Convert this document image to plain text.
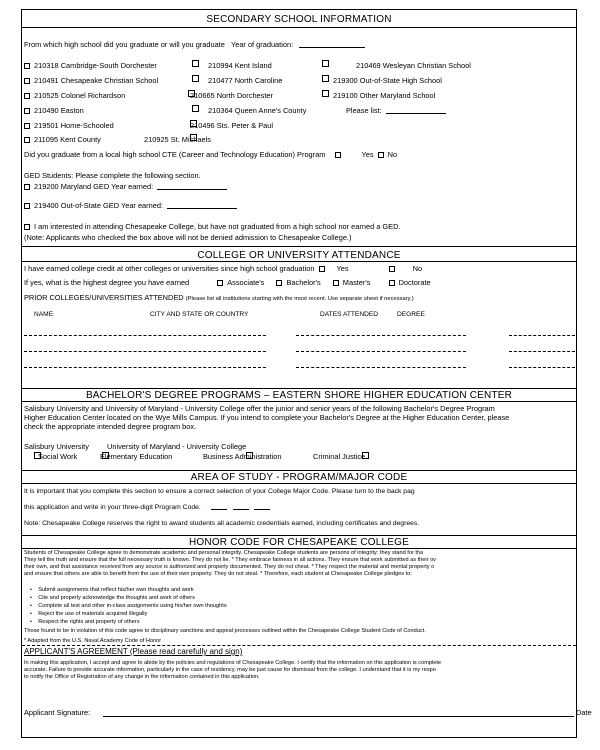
SECONDARY SCHOOL INFORMATION
From which high school did you graduate or will you graduate Year of graduation:
210318 Cambridge-South Dorchester	210994 Kent Island	210469 Wesleyan Christian School
210491 Chesapeake Christian School	210477 North Caroline	219300 Out-of-State High School
210525 Colonel Richardson	210665 North Dorchester	219100 Other Maryland School
210490 Easton	210364 Queen Anne's County	Please list:
219501 Home-Schooled	210496 Sts. Peter & Paul
211095 Kent County	210925 St. Michaels
Did you graduate from a local high school CTE (Career and Technology Education) Program	Yes No
GED Students: Please complete the following section.
219200 Maryland GED Year earned:
219400 Out-of-State GED Year earned:
I am interested in attending Chesapeake College, but have not graduated from a high school nor earned a GED.
(Note: Applicants who checked the box above will not be denied admission to Chesapeake College.)
COLLEGE OR UNIVERSITY ATTENDANCE
I have earned college credit at other colleges or universities since high school graduation	Yes	No
If yes, what is the highest degree you have earned	Associate's	Bachelor's	Master's	Doctorate
PRIOR COLLEGES/UNIVERSITIES ATTENDED (Please list all institutions starting with the most recent. Use separate sheet if necessary.)
NAME	CITY AND STATE OR COUNTRY	DATES ATTENDED	DEGREE
BACHELOR'S DEGREE PROGRAMS – EASTERN SHORE HIGHER EDUCATION CENTER
Salisbury University and University of Maryland - University College offer the junior and senior years of the following Bachelor's Degree Program
Higher Education Center located on the Wye Mills Campus. If you intend to complete your Bachelor's Degree at the Higher Education Center, please
check the appropriate intended degree program box.
Salisbury University University of Maryland - University College
Social Work	Elementary Education	Business Administration	Criminal Justice
AREA OF STUDY - PROGRAM/MAJOR CODE
It is important that you complete this section to ensure a correct selection of your College Major Code. Please turn to the back pag
this application and write in your three-digit Program Code.
Note: Chesapeake College reserves the right to award students all academic credentials earned, including certificates and degrees.
HONOR CODE FOR CHESAPEAKE COLLEGE
Students of Chesapeake College agree to demonstrate academic and personal integrity. Chesapeake College students are persons of integrity: they stand for tha
They tell the truth and ensure that the full necessary truth is known. They do not lie. * They embrace fairness in all actions. They ensure that work submitted as their ov
their own, and that assistance received from any source is authorized and properly documented. They do not cheat. * They respect the material and mental property o
and ensure that others are able to benefit from the use of their own property. They do not steal. * Therefore, each student at Chesapeake College pledges to:
•    Submit assignments that reflect his/her own thoughts and work
•    Cite and properly acknowledge the thoughts and work of others
•    Complete all test and other in-class assignments using his/her own thoughts
•    Reject the use of materials acquired illegally
•    Respect the rights and property of others
Those found to be in violation of this code agree to disciplinary sanctions and appeal processes outlined within the Chesapeake College Student Code of Conduct.
* Adapted from the U.S. Naval Academy Code of Honor
APPLICANT'S AGREEMENT (Please read carefully and sign)
In making this application, I accept and agree to abide by the policies and regulations of Chesapeake College. I certify that the information on this application is complete
accurate. Failure to provide accurate information, particularly in the case of residency, may be just cause for dismissal from the college. I understand that it is my respo
to notify the Office of Registration of any change in the information contained in this application.
Applicant Signature:	Date
